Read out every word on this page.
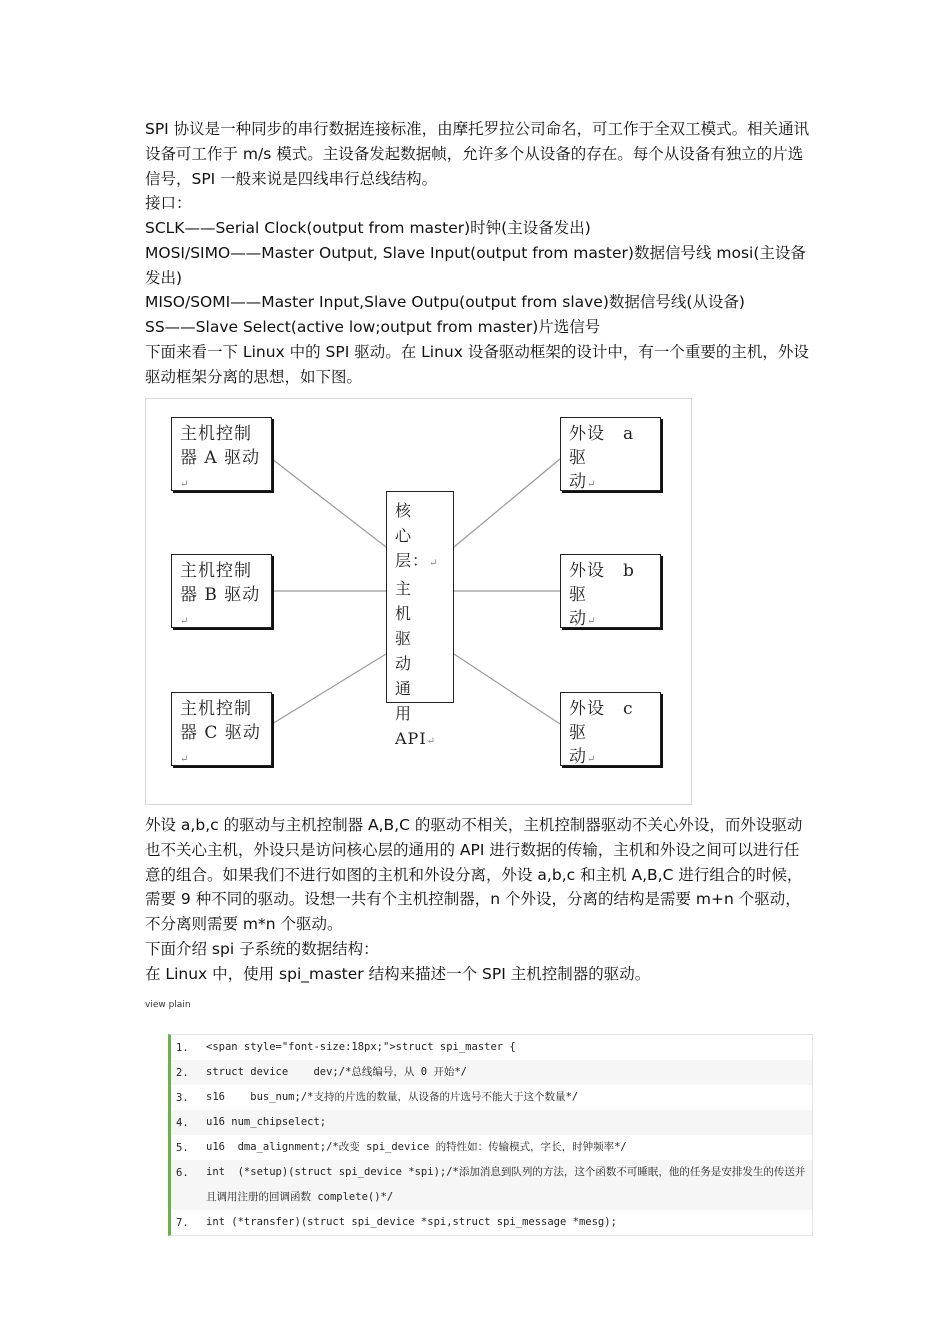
SPI 协议是一种同步的串行数据连接标准，由摩托罗拉公司命名，可工作于全双工模式。相关通讯设备可工作于 m/s 模式。主设备发起数据帧，允许多个从设备的存在。每个从设备有独立的片选信号，SPI 一般来说是四线串行总线结构。

接口：

SCLK——Serial Clock(output from master)时钟(主设备发出)

MOSI/SIMO——Master Output, Slave Input(output from master)数据信号线 mosi(主设备发出)

MISO/SOMI——Master Input,Slave Outpu(output from slave)数据信号线(从设备)

SS——Slave Select(active low;output from master)片选信号

下面来看一下 Linux 中的 SPI 驱动。在 Linux 设备驱动框架的设计中，有一个重要的主机，外设驱动框架分离的思想，如下图。

主机控制
器 A 驱动↵
主机控制
器 B 驱动↵
主机控制
器 C 驱动↵
核　心
层：↵
主　机
驱　动
通　用
API↵
外设　a　驱
动↵
外设　b　驱
动↵
外设　c　驱
动↵

外设 a,b,c 的驱动与主机控制器 A,B,C 的驱动不相关，主机控制器驱动不关心外设，而外设驱动也不关心主机，外设只是访问核心层的通用的 API 进行数据的传输，主机和外设之间可以进行任意的组合。如果我们不进行如图的主机和外设分离，外设 a,b,c 和主机 A,B,C 进行组合的时候，需要 9 种不同的驱动。设想一共有个主机控制器，n 个外设，分离的结构是需要 m+n 个驱动，不分离则需要 m*n 个驱动。

下面介绍 spi 子系统的数据结构：

在 Linux 中，使用 spi_master 结构来描述一个 SPI 主机控制器的驱动。

view plain
1.	<span style="font-size:18px;">struct spi_master {
2.	struct device    dev;/*总线编号，从 0 开始*/
3.	s16    bus_num;/*支持的片选的数量，从设备的片选号不能大于这个数量*/
4.	u16 num_chipselect;
5.	u16  dma_alignment;/*改变 spi_device 的特性如：传输模式，字长，时钟频率*/
6.	int  (*setup)(struct spi_device *spi);/*添加消息到队列的方法，这个函数不可睡眠，他的任务是安排发生的传送并且调用注册的回调函数 complete()*/
7.	int (*transfer)(struct spi_device *spi,struct spi_message *mesg);
